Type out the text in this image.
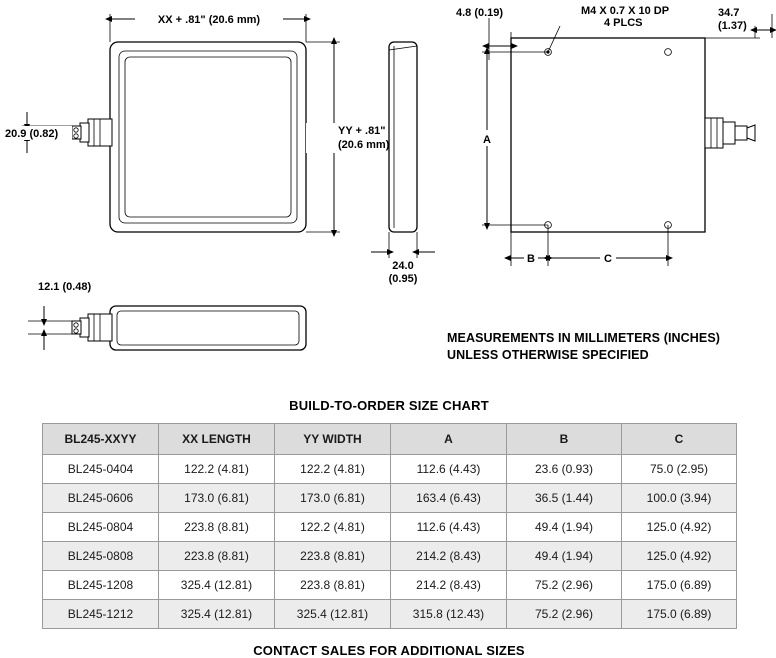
XX + .81" (20.6 mm)
YY + .81"
(20.6 mm)
20.9 (0.82)
24.0
(0.95)
M4 X 0.7 X 10 DP
4 PLCS
4.8 (0.19)	34.7
(1.37)
A
B	C
12.1 (0.48)
MEASUREMENTS IN MILLIMETERS (INCHES)
UNLESS OTHERWISE SPECIFIED
BUILD-TO-ORDER SIZE CHART
BL245-XXYY	XX LENGTH	YY WIDTH	A	B	C
BL245-0404	122.2 (4.81)	122.2 (4.81)	112.6 (4.43)	23.6 (0.93)	75.0 (2.95)
BL245-0606	173.0 (6.81)	173.0 (6.81)	163.4 (6.43)	36.5 (1.44)	100.0 (3.94)
BL245-0804	223.8 (8.81)	122.2 (4.81)	112.6 (4.43)	49.4 (1.94)	125.0 (4.92)
BL245-0808	223.8 (8.81)	223.8 (8.81)	214.2 (8.43)	49.4 (1.94)	125.0 (4.92)
BL245-1208	325.4 (12.81)	223.8 (8.81)	214.2 (8.43)	75.2 (2.96)	175.0 (6.89)
BL245-1212	325.4 (12.81)	325.4 (12.81)	315.8 (12.43)	75.2 (2.96)	175.0 (6.89)
CONTACT SALES FOR ADDITIONAL SIZES
